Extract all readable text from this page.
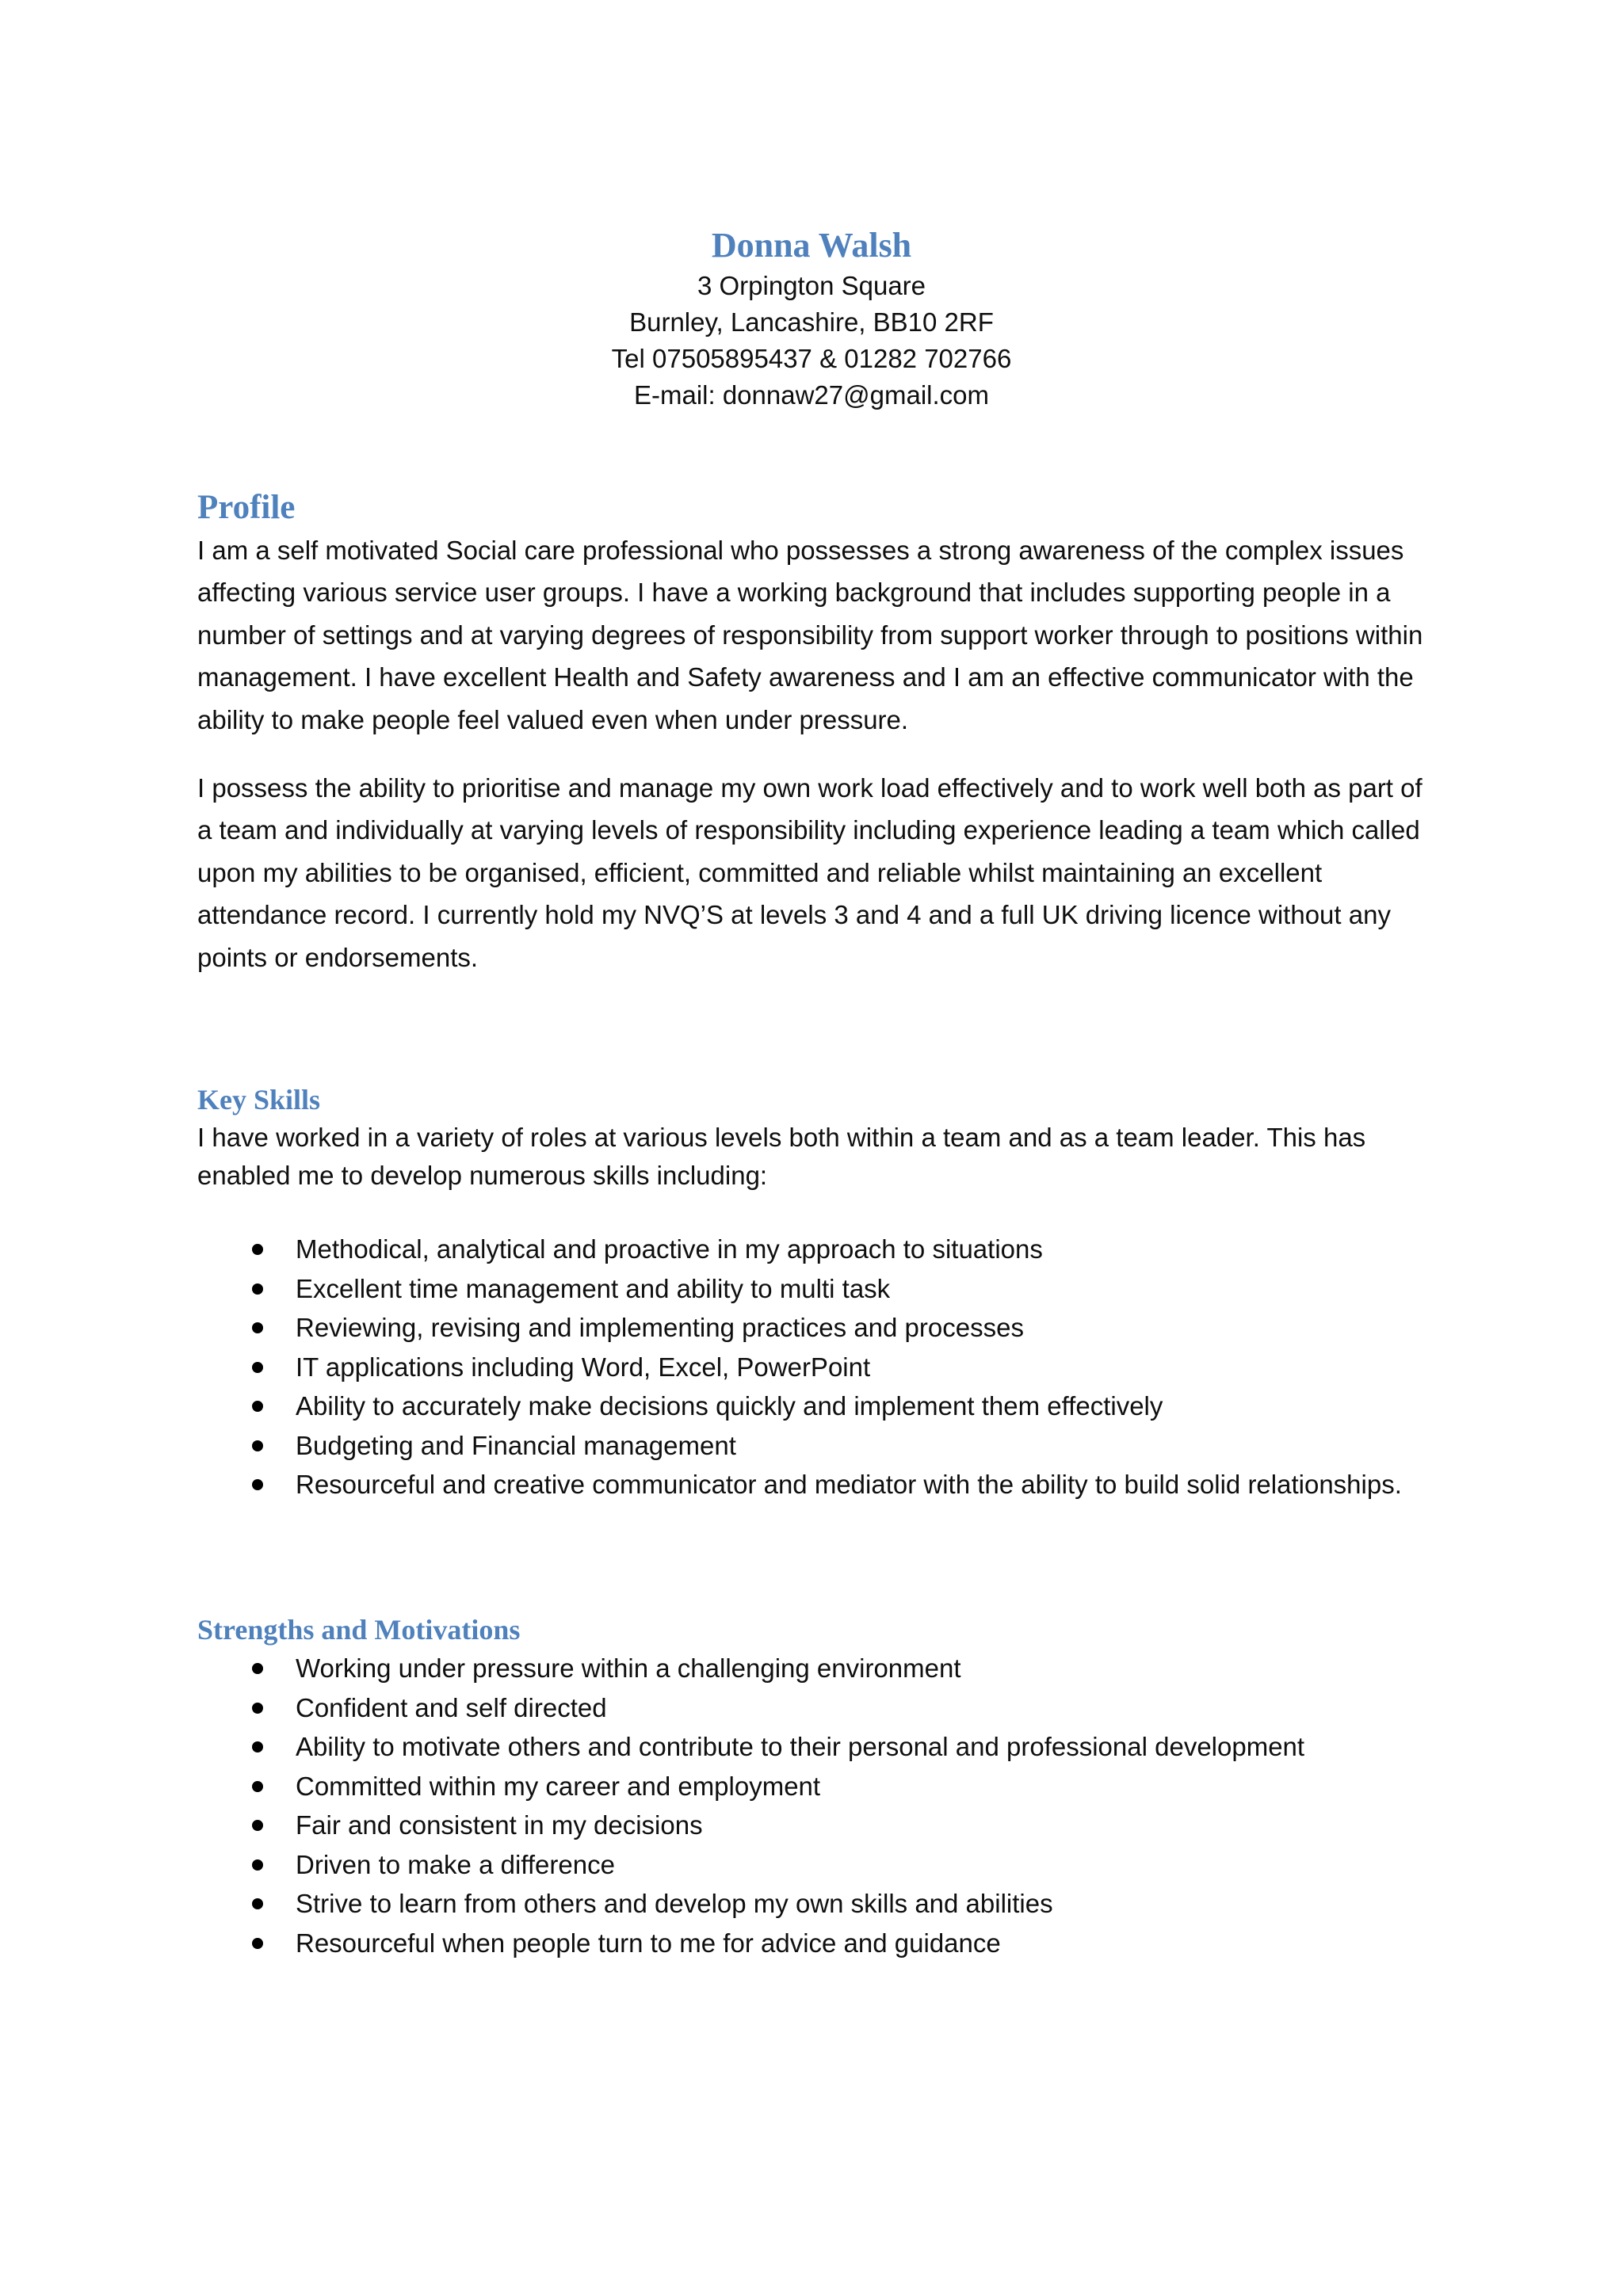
Donna Walsh

3 Orpington Square

Burnley, Lancashire, BB10 2RF

Tel 07505895437 & 01282 702766

E-mail: donnaw27@gmail.com

Profile

I am a self motivated Social care professional who possesses a strong awareness of the complex issues affecting various service user groups. I have a working background that includes supporting people in a number of settings and at varying degrees of responsibility from support worker through to positions within management. I have excellent Health and Safety awareness and I am an effective communicator with the ability to make people feel valued even when under pressure.

I possess the ability to prioritise and manage my own work load effectively and to work well both as part of a team and individually at varying levels of responsibility including experience leading a team which called upon my abilities to be organised, efficient, committed and reliable whilst maintaining an excellent attendance record. I currently hold my NVQ’S at levels 3 and 4 and a full UK driving licence without any points or endorsements.

Key Skills

I have worked in a variety of roles at various levels both within a team and as a team leader. This has enabled me to develop numerous skills including:

Methodical, analytical and proactive in my approach to situations
Excellent time management and ability to multi task
Reviewing, revising and implementing practices and processes
IT applications including Word, Excel, PowerPoint
Ability to accurately make decisions quickly and implement them effectively
Budgeting and Financial management
Resourceful and creative communicator and mediator with the ability to build solid relationships.
Strengths and Motivations
Working under pressure within a challenging environment
Confident and self directed
Ability to motivate others and contribute to their personal and professional development
Committed within my career and employment
Fair and consistent in my decisions
Driven to make a difference
Strive to learn from others and develop my own skills and abilities
Resourceful when people turn to me for advice and guidance
